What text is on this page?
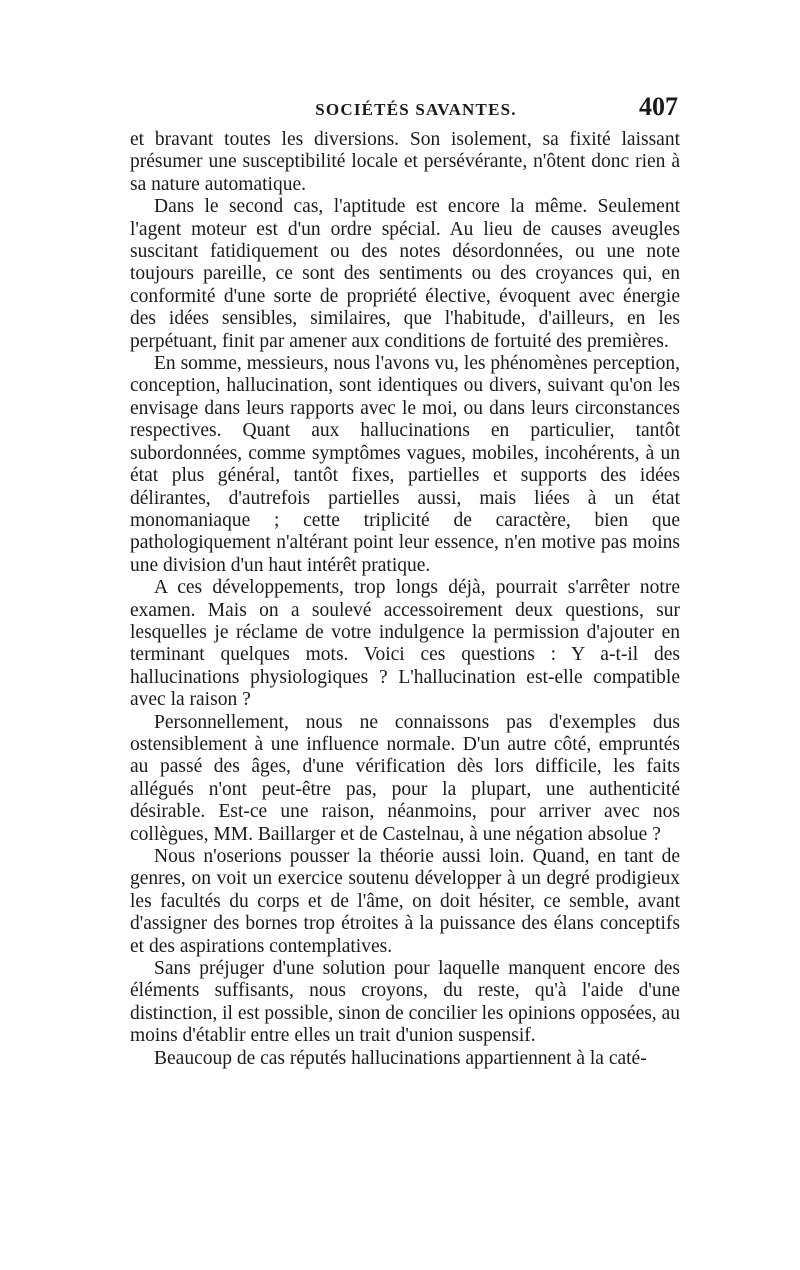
SOCIÉTÉS SAVANTES.	407

et bravant toutes les diversions. Son isolement, sa fixité laissant présumer une susceptibilité locale et persévérante, n'ôtent donc rien à sa nature automatique.

Dans le second cas, l'aptitude est encore la même. Seulement l'agent moteur est d'un ordre spécial. Au lieu de causes aveugles suscitant fatidiquement ou des notes désordonnées, ou une note toujours pareille, ce sont des sentiments ou des croyances qui, en conformité d'une sorte de propriété élective, évoquent avec énergie des idées sensibles, similaires, que l'habitude, d'ailleurs, en les perpétuant, finit par amener aux conditions de fortuité des premières.

En somme, messieurs, nous l'avons vu, les phénomènes perception, conception, hallucination, sont identiques ou divers, suivant qu'on les envisage dans leurs rapports avec le moi, ou dans leurs circonstances respectives. Quant aux hallucinations en particulier, tantôt subordonnées, comme symptômes vagues, mobiles, incohérents, à un état plus général, tantôt fixes, partielles et supports des idées délirantes, d'autrefois partielles aussi, mais liées à un état monomaniaque ; cette triplicité de caractère, bien que pathologiquement n'altérant point leur essence, n'en motive pas moins une division d'un haut intérêt pratique.

A ces développements, trop longs déjà, pourrait s'arrêter notre examen. Mais on a soulevé accessoirement deux questions, sur lesquelles je réclame de votre indulgence la permission d'ajouter en terminant quelques mots. Voici ces questions : Y a-t-il des hallucinations physiologiques ? L'hallucination est-elle compatible avec la raison ?

Personnellement, nous ne connaissons pas d'exemples dus ostensiblement à une influence normale. D'un autre côté, empruntés au passé des âges, d'une vérification dès lors difficile, les faits allégués n'ont peut-être pas, pour la plupart, une authenticité désirable. Est-ce une raison, néanmoins, pour arriver avec nos collègues, MM. Baillarger et de Castelnau, à une négation absolue ?

Nous n'oserions pousser la théorie aussi loin. Quand, en tant de genres, on voit un exercice soutenu développer à un degré prodigieux les facultés du corps et de l'âme, on doit hésiter, ce semble, avant d'assigner des bornes trop étroites à la puissance des élans conceptifs et des aspirations contemplatives.

Sans préjuger d'une solution pour laquelle manquent encore des éléments suffisants, nous croyons, du reste, qu'à l'aide d'une distinction, il est possible, sinon de concilier les opinions opposées, au moins d'établir entre elles un trait d'union suspensif.

Beaucoup de cas réputés hallucinations appartiennent à la caté-
